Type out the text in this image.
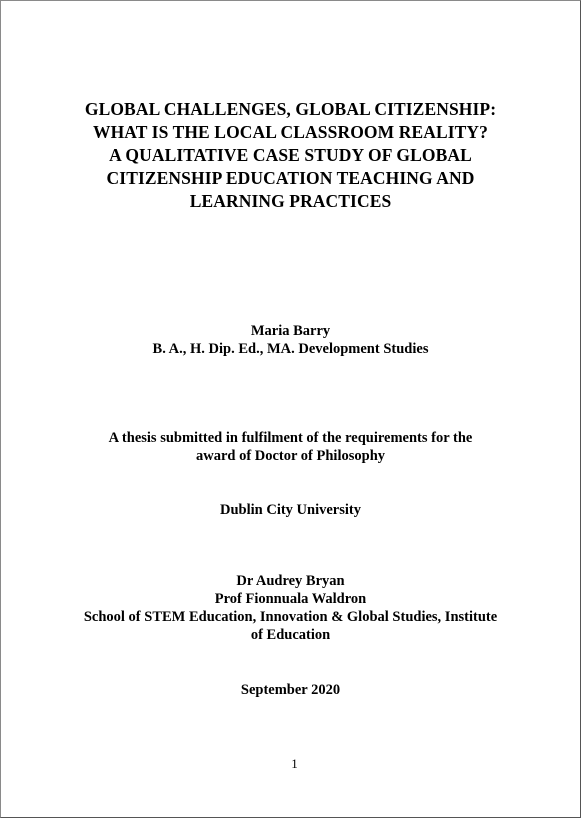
GLOBAL CHALLENGES, GLOBAL CITIZENSHIP:
WHAT IS THE LOCAL CLASSROOM REALITY?
A QUALITATIVE CASE STUDY OF GLOBAL
CITIZENSHIP EDUCATION TEACHING AND
LEARNING PRACTICES
Maria Barry
B. A., H. Dip. Ed., MA. Development Studies
A thesis submitted in fulfilment of the requirements for the
award of Doctor of Philosophy
Dublin City University
Dr Audrey Bryan
Prof Fionnuala Waldron
School of STEM Education, Innovation & Global Studies, Institute
of Education
September 2020
1
